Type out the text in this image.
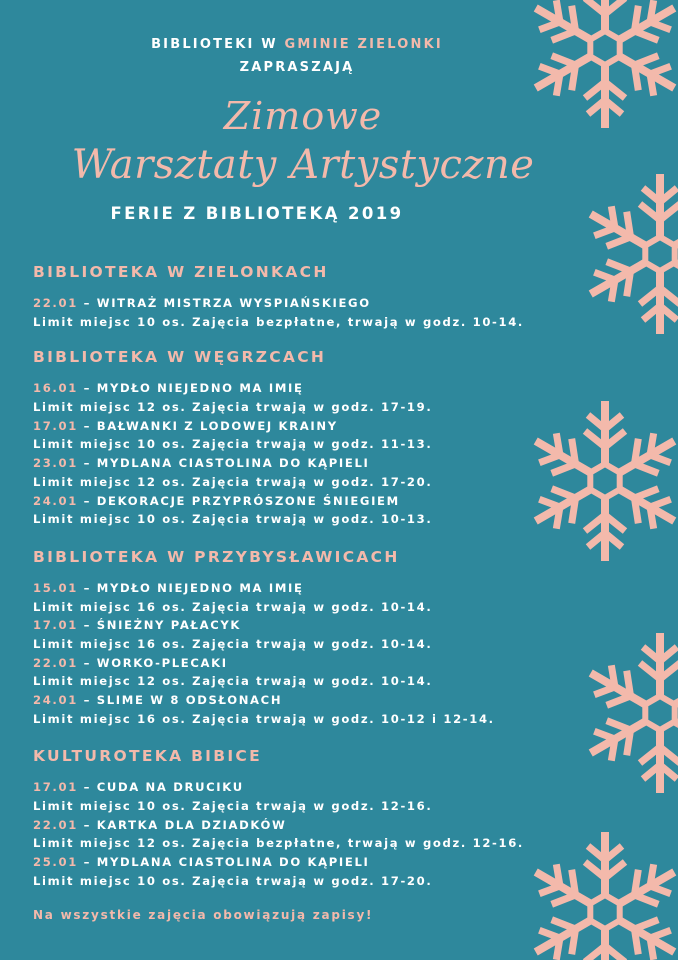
BIBLIOTEKI W GMINIE ZIELONKI
ZAPRASZAJĄ
Zimowe
Warsztaty Artystyczne
FERIE Z BIBLIOTEKĄ 2019
BIBLIOTEKA W ZIELONKACH
22.01 – WITRAŻ MISTRZA WYSPIAŃSKIEGO
Limit miejsc 10 os. Zajęcia bezpłatne, trwają w godz. 10-14.
BIBLIOTEKA W WĘGRZCACH
16.01 – MYDŁO NIEJEDNO MA IMIĘ
Limit miejsc 12 os. Zajęcia trwają w godz. 17-19.
17.01 – BAŁWANKI Z LODOWEJ KRAINY
Limit miejsc 10 os. Zajęcia trwają w godz. 11-13.
23.01 – MYDLANA CIASTOLINA DO KĄPIELI
Limit miejsc 12 os. Zajęcia trwają w godz. 17-20.
24.01 – DEKORACJE PRZYPRÓSZONE ŚNIEGIEM
Limit miejsc 10 os. Zajęcia trwają w godz. 10-13.
BIBLIOTEKA W PRZYBYSŁAWICACH
15.01 – MYDŁO NIEJEDNO MA IMIĘ
Limit miejsc 16 os. Zajęcia trwają w godz. 10-14.
17.01 – ŚNIEŻNY PAŁACYK
Limit miejsc 16 os. Zajęcia trwają w godz. 10-14.
22.01 – WORKO-PLECAKI
Limit miejsc 12 os. Zajęcia trwają w godz. 10-14.
24.01 – SLIME W 8 ODSŁONACH
Limit miejsc 16 os. Zajęcia trwają w godz. 10-12 i 12-14.
KULTUROTEKA BIBICE
17.01 – CUDA NA DRUCIKU
Limit miejsc 10 os. Zajęcia trwają w godz. 12-16.
22.01 – KARTKA DLA DZIADKÓW
Limit miejsc 12 os. Zajęcia bezpłatne, trwają w godz. 12-16.
25.01 – MYDLANA CIASTOLINA DO KĄPIELI
Limit miejsc 10 os. Zajęcia trwają w godz. 17-20.
Na wszystkie zajęcia obowiązują zapisy!
